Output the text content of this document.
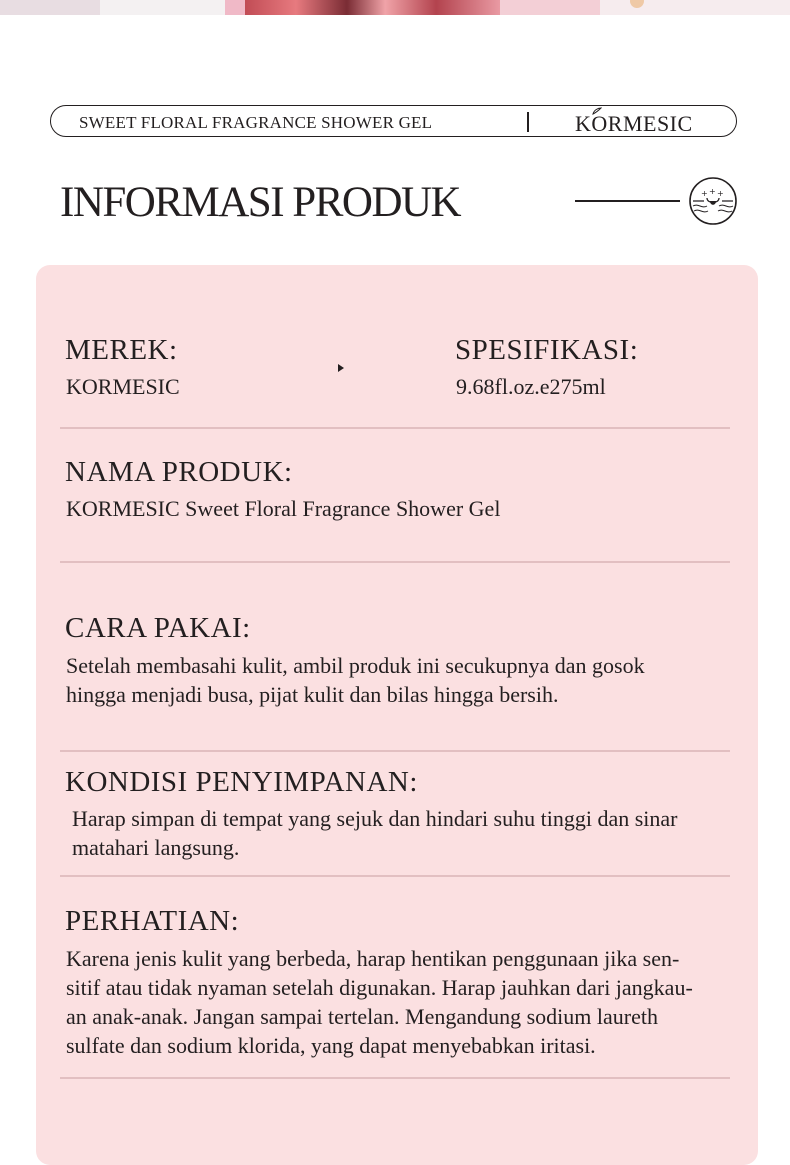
SWEET FLORAL FRAGRANCE SHOWER GEL	KORMESIC
INFORMASI PRODUK	+ + +
MEREK:
KORMESIC
SPESIFIKASI:
9.68fl.oz.e275ml
NAMA PRODUK:
KORMESIC Sweet Floral Fragrance Shower Gel
CARA PAKAI:
Setelah membasahi kulit, ambil produk ini secukupnya dan gosok
hingga menjadi busa, pijat kulit dan bilas hingga bersih.
KONDISI PENYIMPANAN:
Harap simpan di tempat yang sejuk dan hindari suhu tinggi dan sinar
matahari langsung.
PERHATIAN:
Karena jenis kulit yang berbeda, harap hentikan penggunaan jika sen-
sitif atau tidak nyaman setelah digunakan. Harap jauhkan dari jangkau-
an anak-anak. Jangan sampai tertelan. Mengandung sodium laureth
sulfate dan sodium klorida, yang dapat menyebabkan iritasi.
